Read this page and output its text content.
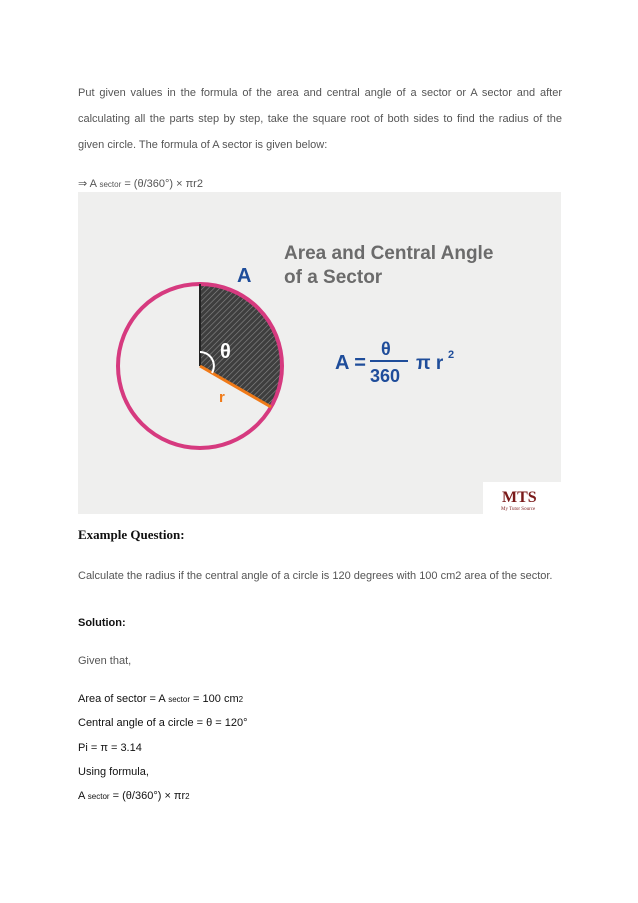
Put given values in the formula of the area and central angle of a sector or A sector and after calculating all the parts step by step, take the square root of both sides to find the radius of the given circle. The formula of A sector is given below:
⇒ A sector = (θ/360°) × πr2
A
θ
r
Area and Central Angle
of a Sector
A =
θ
360
π r 2
MTS
My Tutor Source
Example Question:
Calculate the radius if the central angle of a circle is 120 degrees with 100 cm2 area of the sector.
Solution:
Given that,
Area of sector = A sector = 100 cm2
Central angle of a circle = θ = 120°
Pi = π = 3.14
Using formula,
A sector = (θ/360°) × πr2
